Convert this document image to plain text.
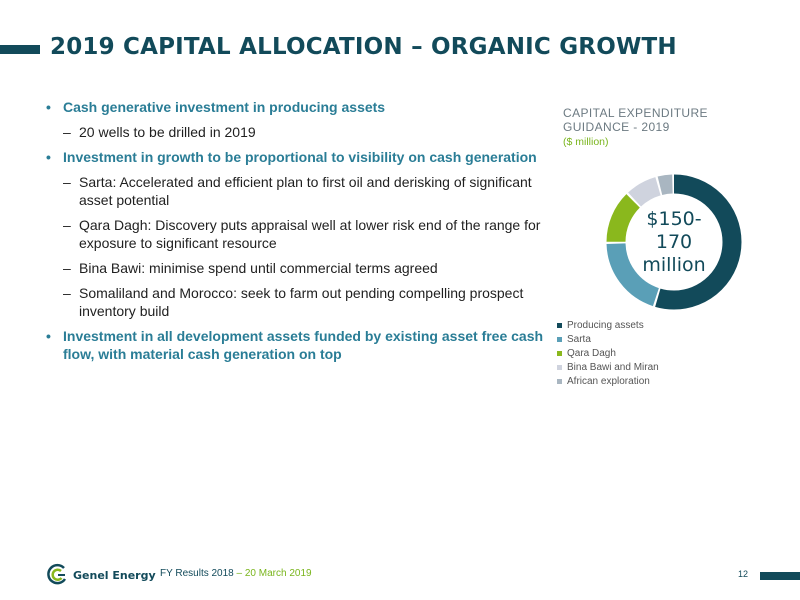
2019 CAPITAL ALLOCATION – ORGANIC GROWTH
• Cash generative investment in producing assets
– 20 wells to be drilled in 2019
• Investment in growth to be proportional to visibility on cash generation
– Sarta: Accelerated and efficient plan to first oil and derisking of significant asset potential
– Qara Dagh: Discovery puts appraisal well at lower risk end of the range for exposure to significant resource
– Bina Bawi: minimise spend until commercial terms agreed
– Somaliland and Morocco: seek to farm out pending compelling prospect inventory build
• Investment in all development assets funded by existing asset free cash flow, with material cash generation on top
CAPITAL EXPENDITURE
GUIDANCE - 2019
($ million)
$150-
170
million
Producing assets
Sarta
Qara Dagh
Bina Bawi and Miran
African exploration
Genel Energy FY Results 2018 – 20 March 2019	12
